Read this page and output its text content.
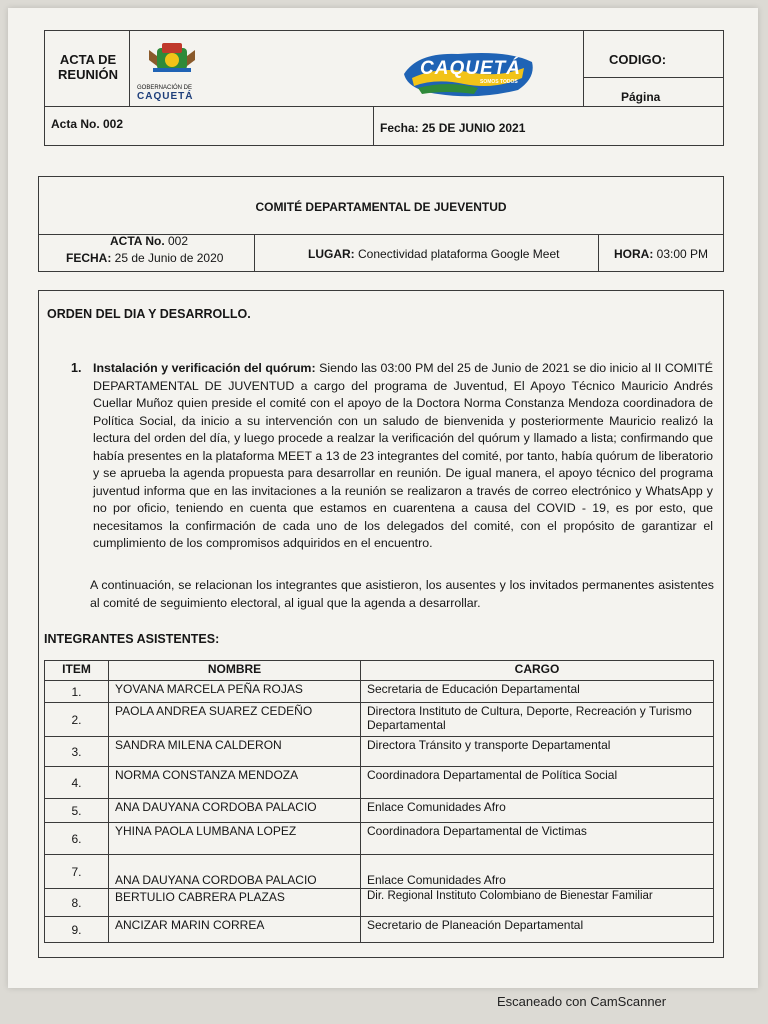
ACTA DE
REUNIÓN
GOBERNACIÓN DE
CAQUETÁ
CAQUETÁ
SOMOS TODOS
CODIGO:
Página
Acta No. 002	Fecha: 25 DE JUNIO 2021
COMITÉ DEPARTAMENTAL DE JUEVENTUD
ACTA No. 002
FECHA: 25 de Junio de 2020	LUGAR: Conectividad plataforma Google Meet	HORA: 03:00 PM
ORDEN DEL DIA Y DESARROLLO.
1. Instalación y verificación del quórum: Siendo las 03:00 PM del 25 de Junio de 2021 se dio inicio al II COMITÉ DEPARTAMENTAL DE JUVENTUD a cargo del programa de Juventud, El Apoyo Técnico Mauricio Andrés Cuellar Muñoz quien preside el comité con el apoyo de la Doctora Norma Constanza Mendoza coordinadora de Política Social, da inicio a su intervención con un saludo de bienvenida y posteriormente Mauricio realizó la lectura del orden del día, y luego procede a realzar la verificación del quórum y llamado a lista; confirmando que había presentes en la plataforma MEET a 13 de 23 integrantes del comité, por tanto, había quórum de liberatorio y se aprueba la agenda propuesta para desarrollar en reunión. De igual manera, el apoyo técnico del programa juventud informa que en las invitaciones a la reunión se realizaron a través de correo electrónico y WhatsApp y no por oficio, teniendo en cuenta que estamos en cuarentena a causa del COVID - 19, es por esto, que necesitamos la confirmación de cada uno de los delegados del comité, con el propósito de garantizar el cumplimiento de los compromisos adquiridos en el encuentro.
A continuación, se relacionan los integrantes que asistieron, los ausentes y los invitados permanentes asistentes al comité de seguimiento electoral, al igual que la agenda a desarrollar.
INTEGRANTES ASISTENTES:
ITEM	NOMBRE	CARGO
1.	YOVANA MARCELA PEÑA ROJAS	Secretaria de Educación Departamental
2.	PAOLA ANDREA SUAREZ CEDEÑO	Directora Instituto de Cultura, Deporte, Recreación y Turismo Departamental
3.	SANDRA MILENA CALDERON	Directora Tránsito y transporte Departamental
4.	NORMA CONSTANZA MENDOZA	Coordinadora Departamental de Política Social
5.	ANA DAUYANA CORDOBA PALACIO	Enlace Comunidades Afro
6.	YHINA PAOLA LUMBANA LOPEZ	Coordinadora Departamental de Victimas
7.	ANA DAUYANA CORDOBA PALACIO	Enlace Comunidades Afro
8.	BERTULIO CABRERA PLAZAS	Dir. Regional Instituto Colombiano de Bienestar Familiar
9.	ANCIZAR MARIN CORREA	Secretario de Planeación Departamental
Escaneado con CamScanner
